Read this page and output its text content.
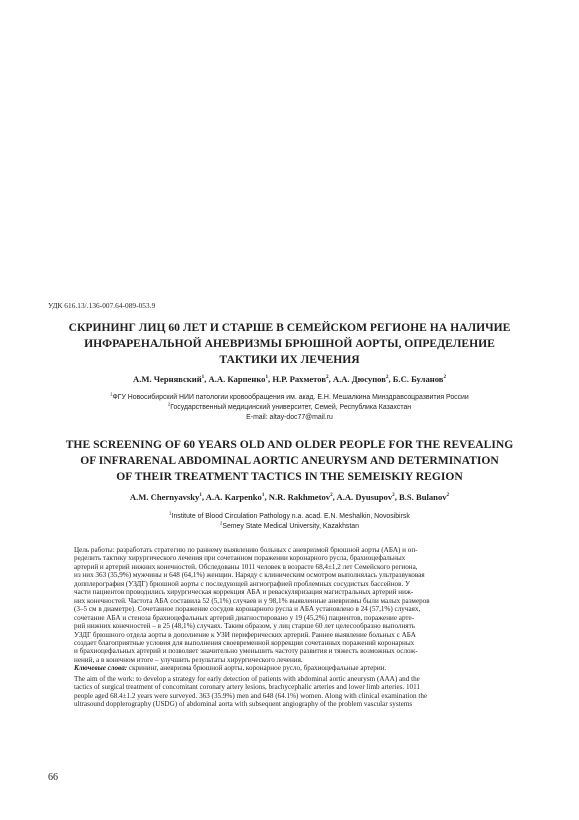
УДК 616.13/.136-007.64-089-053.9
СКРИНИНГ ЛИЦ 60 ЛЕТ И СТАРШЕ В СЕМЕЙСКОМ РЕГИОНЕ НА НАЛИЧИЕ
ИНФРАРЕНАЛЬНОЙ АНЕВРИЗМЫ БРЮШНОЙ АОРТЫ, ОПРЕДЕЛЕНИЕ
ТАКТИКИ ИХ ЛЕЧЕНИЯ
А.М. Чернявский$^1$, А.А. Карпенко$^1$, Н.Р. Рахметов$^2$, А.А. Дюсупов$^2$, Б.С. Буланов$^2$
$^1$ФГУ Новосибирский НИИ патологии кровообращения им. акад. Е.Н. Мешалкина Минздравсоцразвития России
$^2$Государственный медицинский университет, Семей, Республика Казахстан
E-mail: altay-doc77@mail.ru
THE SCREENING OF 60 YEARS OLD AND OLDER PEOPLE FOR THE REVEALING
OF INFRARENAL ABDOMINAL AORTIC ANEURYSM AND DETERMINATION
OF THEIR TREATMENT TACTICS IN THE SEMEISKIY REGION
A.M. Chernyavsky$^1$, A.A. Karpenko$^1$, N.R. Rakhmetov$^2$, A.A. Dyusupov$^2$, B.S. Bulanov$^2$
$^1$Institute of Blood Circulation Pathology n.a. acad. E.N. Meshalkin, Novosibirsk
$^2$Semey State Medical University, Kazakhstan
Цель работы: разработать стратегию по раннему выявлению больных с аневризмой брюшной аорты (АБА) и оп-
ределить тактику хирургического лечения при сочетанном поражении коронарного русла, брахиоцефальных
артерий и артерий нижних конечностей. Обследованы 1011 человек в возрасте 68,4±1,2 лет Семейского региона,
из них 363 (35,9%) мужчины и 648 (64,1%) женщин. Наряду с клиническим осмотром выполнялась ультразвуковая
допплерография (УЗДГ) брюшной аорты с последующей ангиографией проблемных сосудистых бассейнов. У
части пациентов проводились хирургическая коррекция АБА и реваскуляризация магистральных артерий ниж-
них конечностей. Частота АБА составила 52 (5,1%) случаев и у 98,1% выявленные аневризмы были малых размеров
(3–5 см в диаметре). Сочетанное поражение сосудов коронарного русла и АБА установлено в 24 (57,1%) случаях,
сочетание АБА и стеноза брахиоцефальных артерий диагностировано у 19 (45,2%) пациентов, поражение арте-
рий нижних конечностей – в 25 (48,1%) случаях. Таким образом, у лиц старше 60 лет целесообразно выполнять
УЗДГ брюшного отдела аорты в дополнение к УЗИ периферических артерий. Раннее выявление больных с АБА
создает благоприятные условия для выполнения своевременной коррекции сочетанных поражений коронарных
и брахиоцефальных артерий и позволяет значительно уменьшить частоту развития и тяжесть возможных ослож-
нений, а в конечном итоге – улучшить результаты хирургического лечения.
Ключевые слова: скрининг, аневризма брюшной аорты, коронарное русло, брахиоцефальные артерии.
The aim of the work: to develop a strategy for early detection of patients with abdominal aortic aneurysm (AAA) and the
tactics of surgical treatment of concomitant coronary artery lesions, brachycephalic arteries and lower limb arteries. 1011
people aged 68.4±1.2 years were surveyed. 363 (35.9%) men and 648 (64.1%) women. Along with clinical examination the
ultrasound dopplerography (USDG) of abdominal aorta with subsequent angiography of the problem vascular systems
66
